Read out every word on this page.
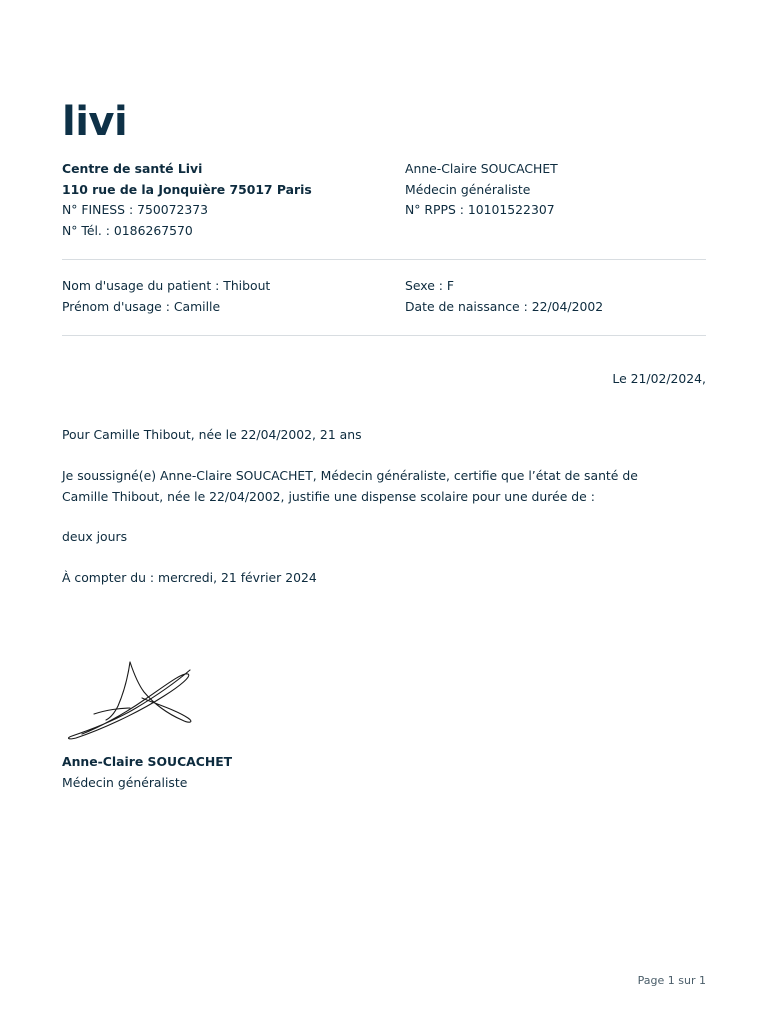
livi
Centre de santé Livi
110 rue de la Jonquière 75017 Paris
N° FINESS : 750072373
N° Tél. : 0186267570
Anne-Claire SOUCACHET
Médecin généraliste
N° RPPS : 10101522307
Nom d'usage du patient : Thibout
Prénom d'usage : Camille
Sexe : F
Date de naissance : 22/04/2002
Le 21/02/2024,
Pour Camille Thibout, née le 22/04/2002, 21 ans
Je soussigné(e) Anne-Claire SOUCACHET, Médecin généraliste, certifie que l’état de santé de Camille Thibout, née le 22/04/2002, justifie une dispense scolaire pour une durée de :
deux jours
À compter du : mercredi, 21 février 2024
Anne-Claire SOUCACHET
Médecin généraliste
Page 1 sur 1
